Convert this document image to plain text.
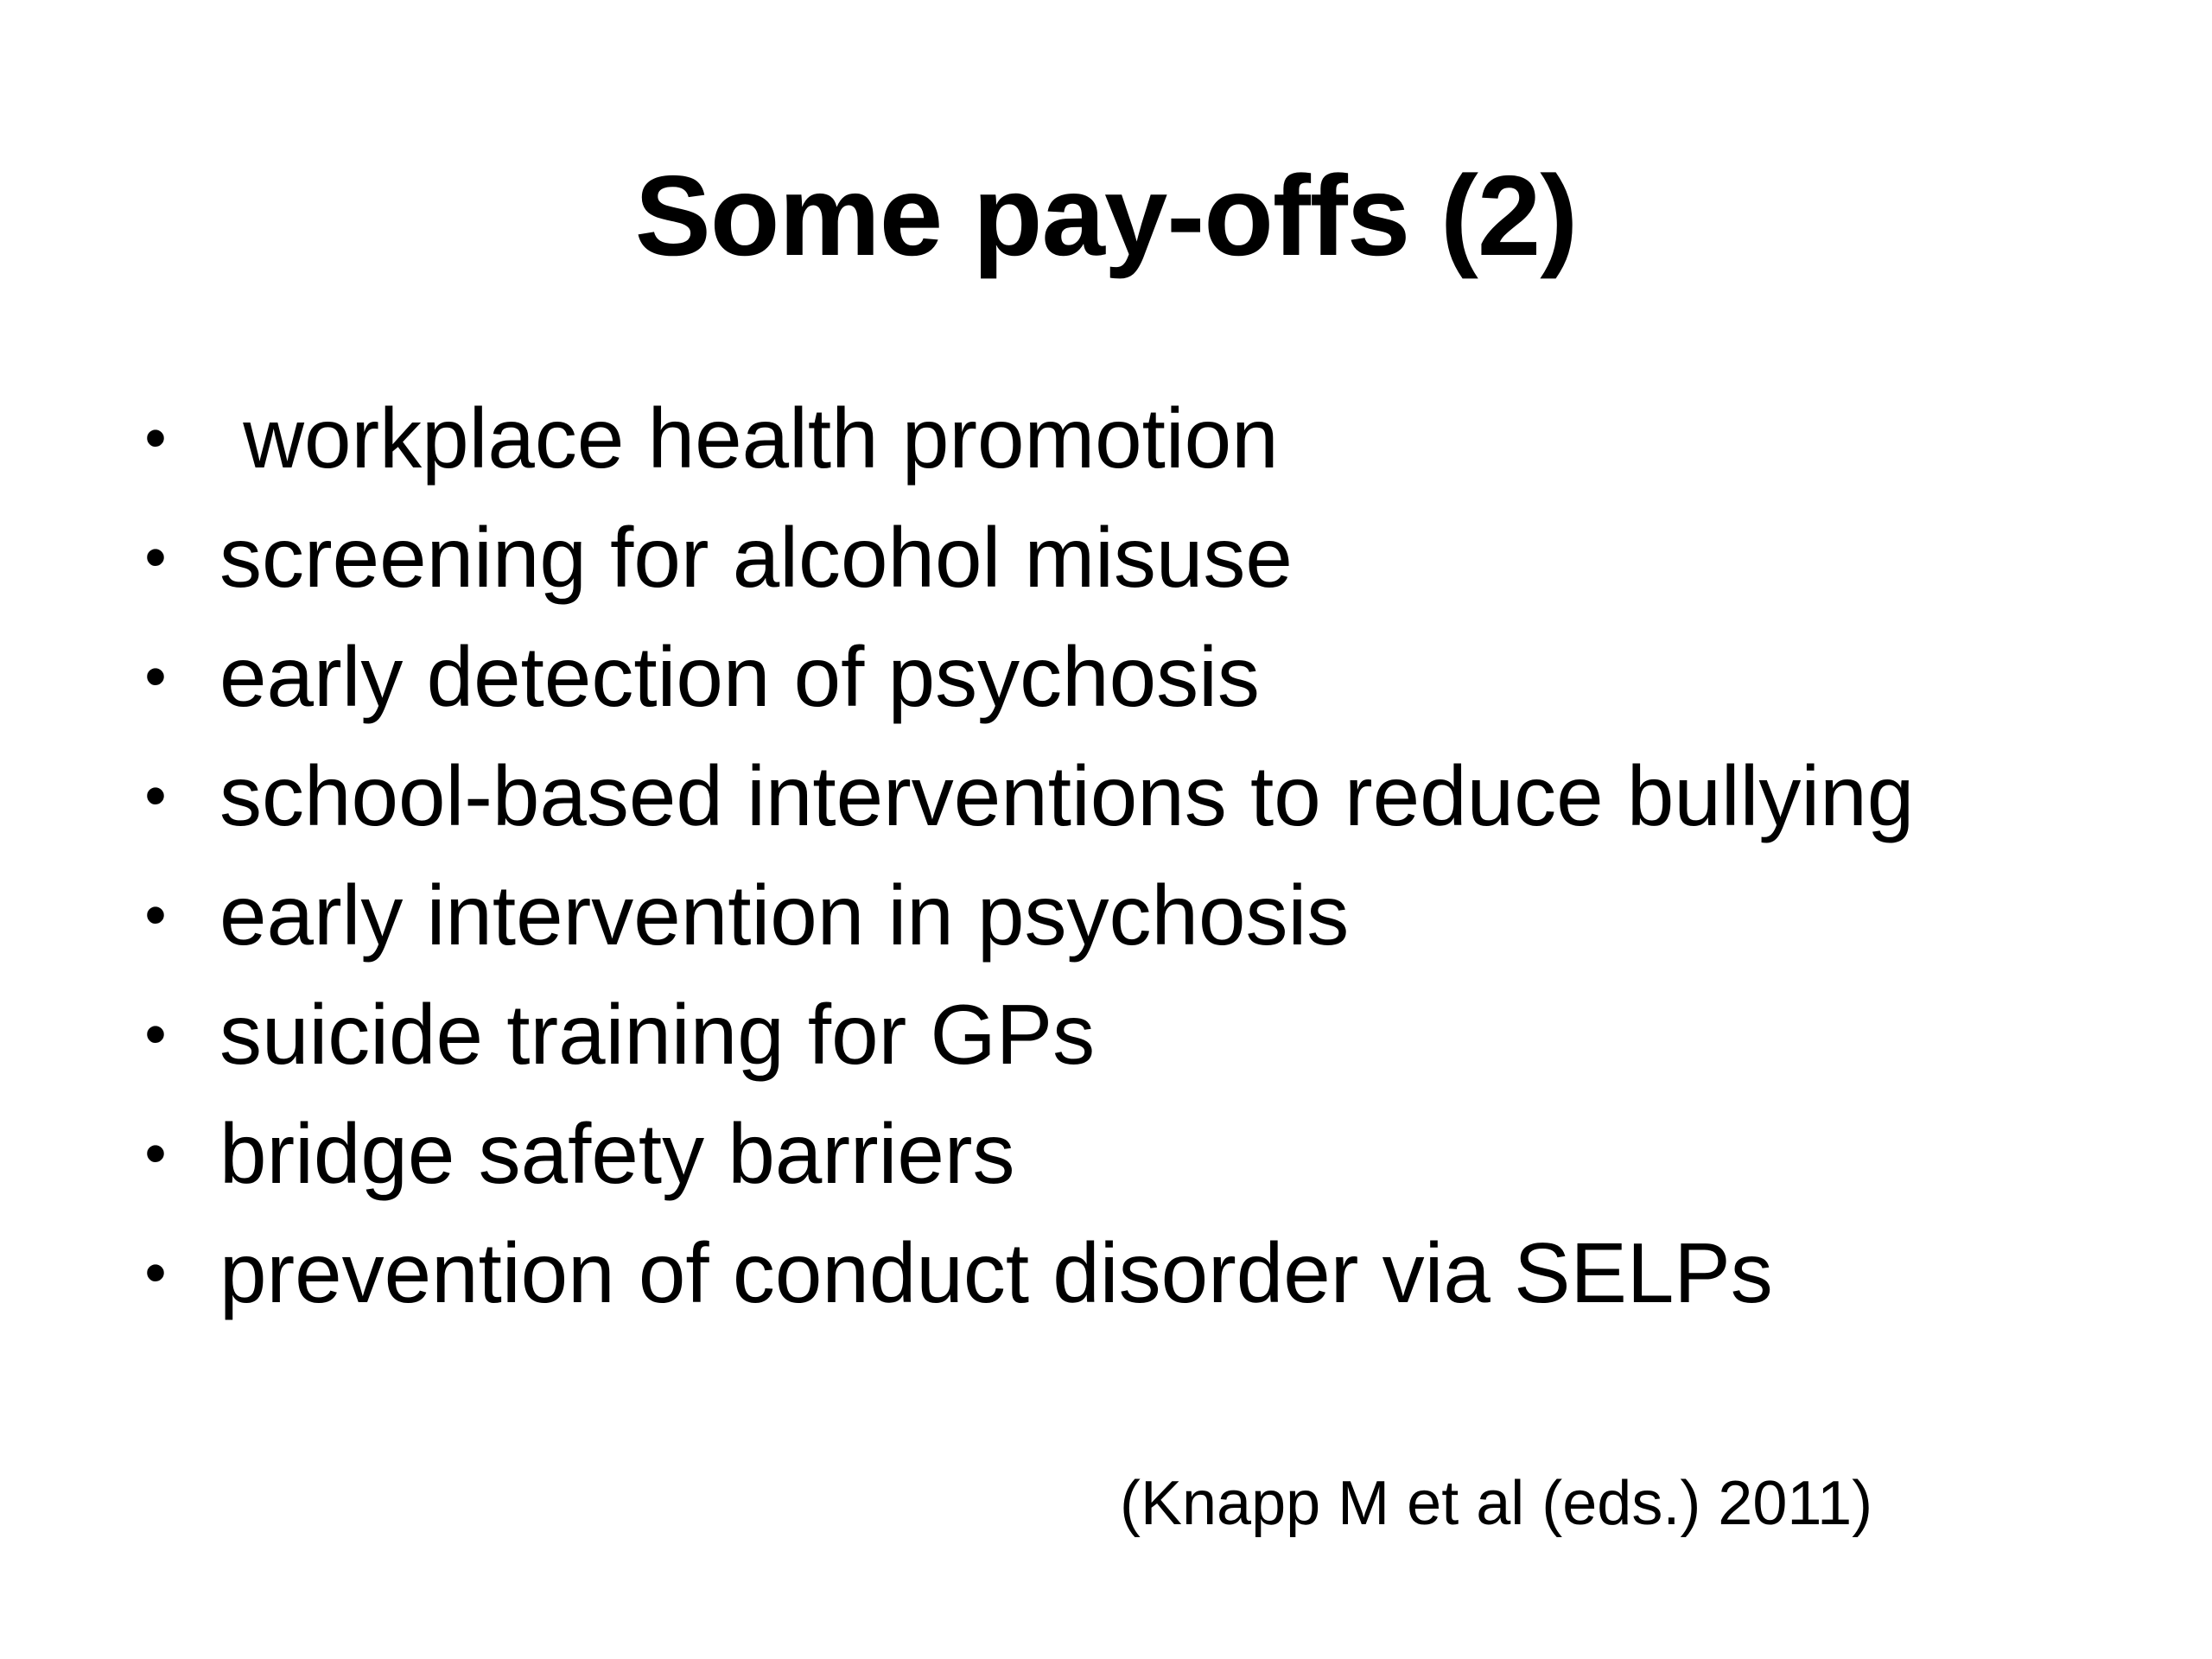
Some pay-offs (2)
• workplace health promotion
• screening for alcohol misuse
• early detection of psychosis
• school-based interventions to reduce bullying
• early intervention in psychosis
• suicide training for GPs
• bridge safety barriers
• prevention of conduct disorder via SELPs
(Knapp M et al (eds.) 2011)
